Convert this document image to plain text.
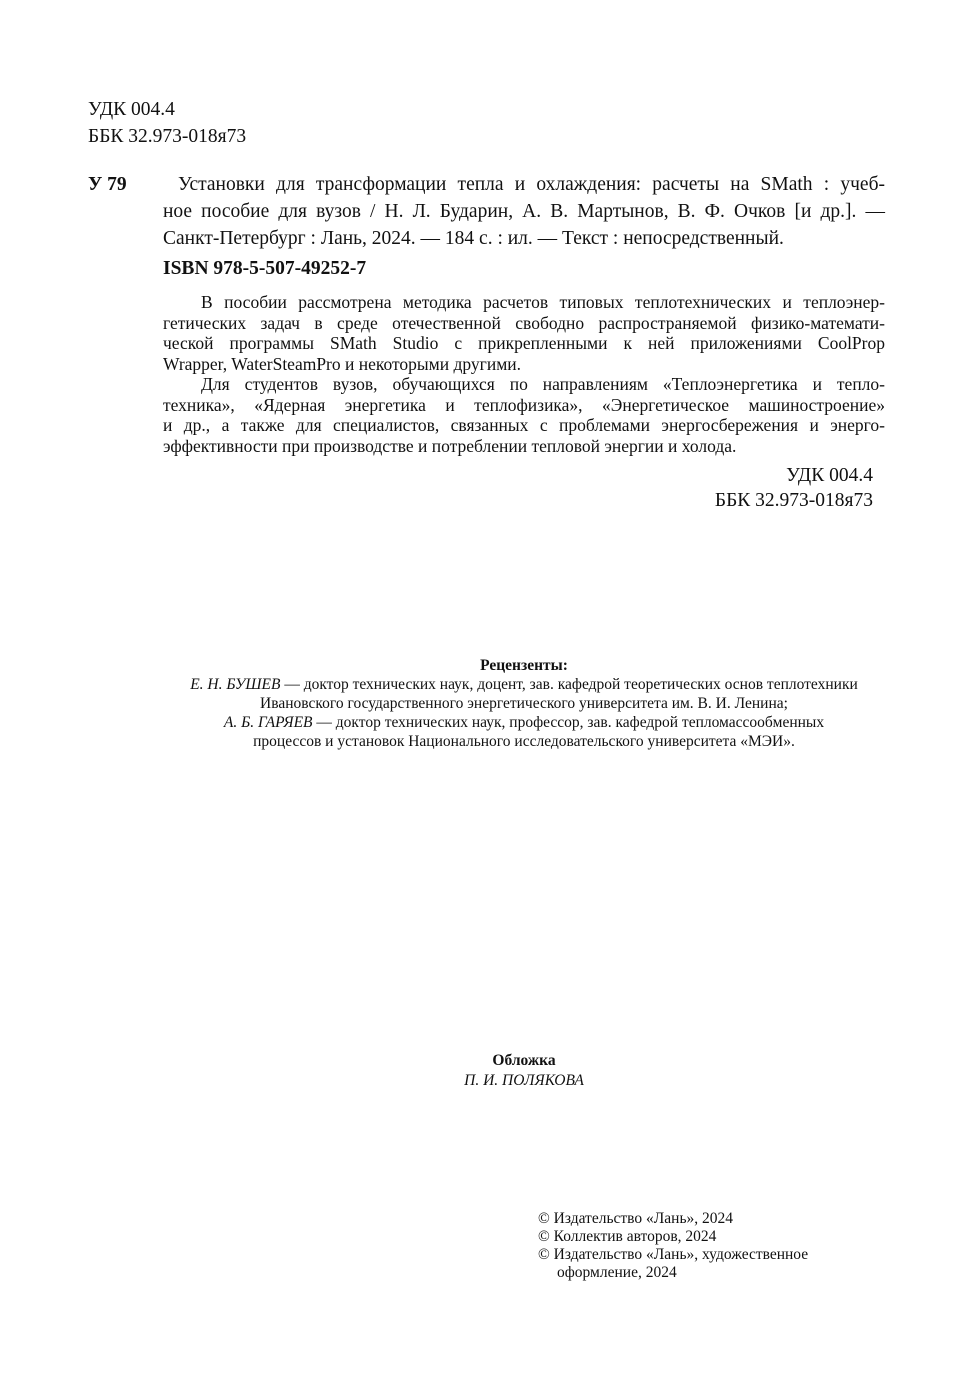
УДК 004.4
ББК 32.973-018я73
У 79	Установки для трансформации тепла и охлаждения: расчеты на SMath : учеб-
ное пособие для вузов / Н. Л. Бударин, А. В. Мартынов, В. Ф. Очков [и др.]. —
Санкт-Петербург : Лань, 2024. — 184 с. : ил. — Текст : непосредственный.
ISBN 978-5-507-49252-7
В пособии рассмотрена методика расчетов типовых теплотехнических и теплоэнер-
гетических задач в среде отечественной свободно распространяемой физико-математи-
ческой программы SMath Studio с прикрепленными к ней приложениями CoolProp
Wrapper, WaterSteamPro и некоторыми другими.
Для студентов вузов, обучающихся по направлениям «Теплоэнергетика и тепло-
техника», «Ядерная энергетика и теплофизика», «Энергетическое машиностроение»
и др., а также для специалистов, связанных с проблемами энергосбережения и энерго-
эффективности при производстве и потреблении тепловой энергии и холода.
УДК 004.4
ББК 32.973-018я73
Рецензенты:
Е. Н. БУШЕВ — доктор технических наук, доцент, зав. кафедрой теоретических основ теплотехники
Ивановского государственного энергетического университета им. В. И. Ленина;
А. Б. ГАРЯЕВ — доктор технических наук, профессор, зав. кафедрой тепломассообменных
процессов и установок Национального исследовательского университета «МЭИ».
Обложка
П. И. ПОЛЯКОВА
© Издательство «Лань», 2024
© Коллектив авторов, 2024
© Издательство «Лань», художественное
оформление, 2024
